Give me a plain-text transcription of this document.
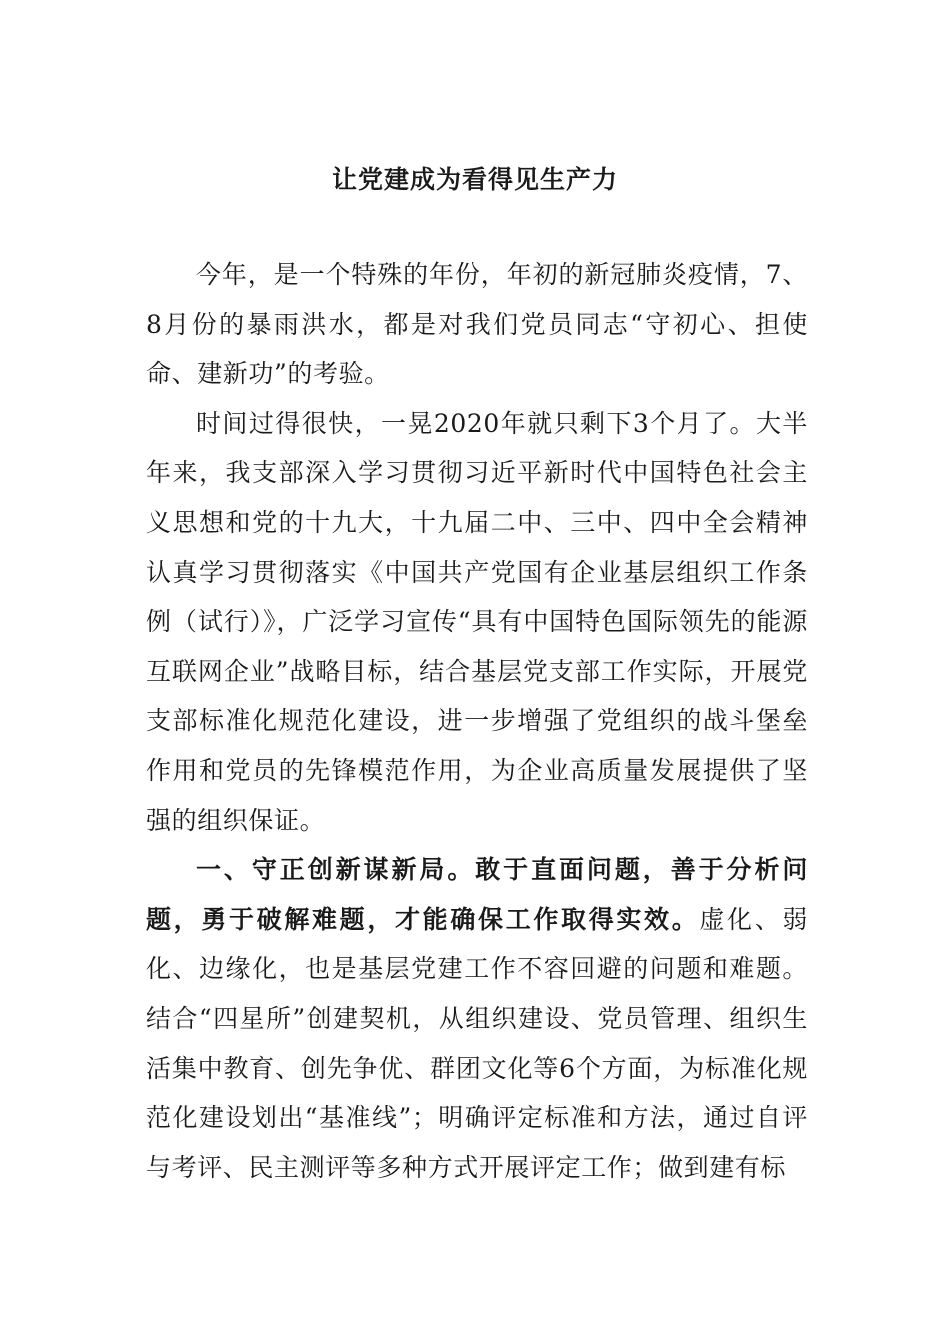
让党建成为看得见生产力

今年，是一个特殊的年份，年初的新冠肺炎疫情，7、8月份的暴雨洪水，都是对我们党员同志“守初心、担使命、建新功”的考验。

时间过得很快，一晃2020年就只剩下3个月了。大半年来，我支部深入学习贯彻习近平新时代中国特色社会主义思想和党的十九大，十九届二中、三中、四中全会精神认真学习贯彻落实《中国共产党国有企业基层组织工作条例（试行）》，广泛学习宣传“具有中国特色国际领先的能源互联网企业”战略目标，结合基层党支部工作实际，开展党支部标准化规范化建设，进一步增强了党组织的战斗堡垒作用和党员的先锋模范作用，为企业高质量发展提供了坚强的组织保证。

一、守正创新谋新局。敢于直面问题，善于分析问题，勇于破解难题，才能确保工作取得实效。虚化、弱化、边缘化，也是基层党建工作不容回避的问题和难题。结合“四星所”创建契机，从组织建设、党员管理、组织生活集中教育、创先争优、群团文化等6个方面，为标准化规范化建设划出“基准线”；明确评定标准和方法，通过自评与考评、民主测评等多种方式开展评定工作；做到建有标
